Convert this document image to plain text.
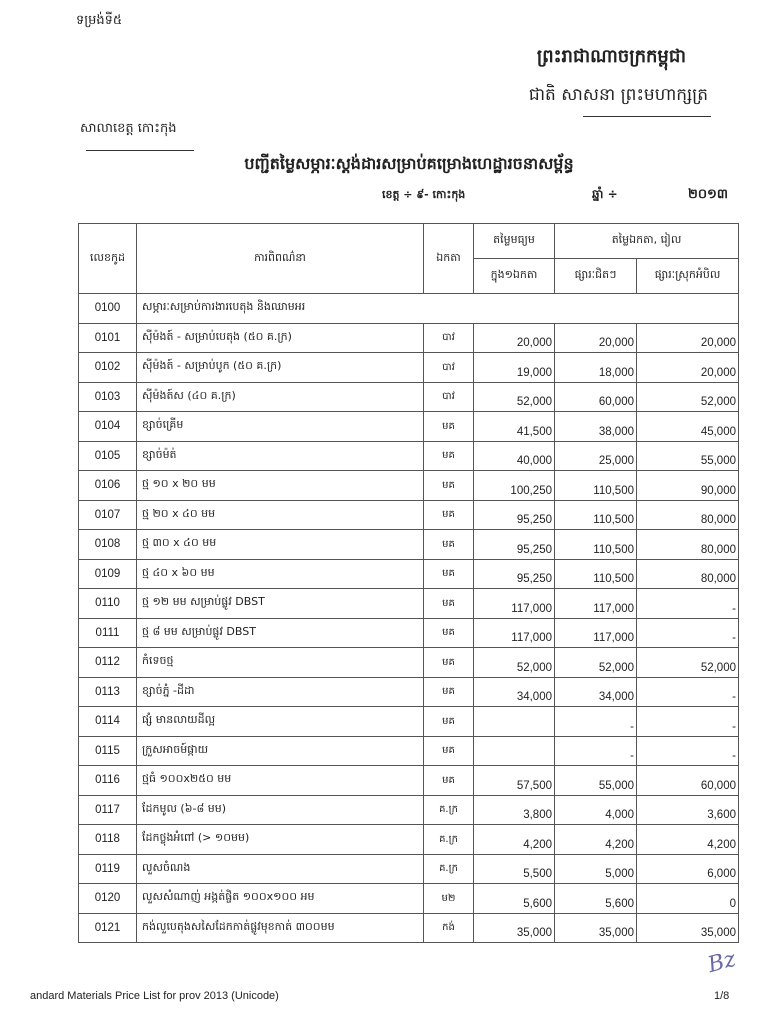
ទម្រង់ទី៥
ព្រះរាជាណាចក្រកម្ពុជា
ជាតិ សាសនា ព្រះមហាក្សត្រ
សាលាខេត្ត កោះកុង
បញ្ជីតម្លៃសម្ភារៈស្តង់ដារសម្រាប់គម្រោងហេដ្ឋារចនាសម្ព័ន្ធ
ខេត្ត ÷ ៩- កោះកុង	ឆ្នាំ ÷	២០១៣
លេខកូដ	ការពិពណ៌នា	ឯកតា	តម្លៃមធ្យម	តម្លៃឯកតា, រៀល	
			ក្នុង១ឯកតា	ផ្សារៈជិតៗ	ផ្សារៈស្រុកអំបិល
0100	សម្ភារៈសម្រាប់ការងារបេតុង និងឈាមអរ				
0101	ស៊ីម៉ងត៍ - សម្រាប់បេតុង (៥០ គ.ក្រ)	បាវ	20,000	20,000	20,000
0102	ស៊ីម៉ងត៍ - សម្រាប់បូក (៥០ គ.ក្រ)	បាវ	19,000	18,000	20,000
0103	ស៊ីម៉ងត៍ស (៤០ គ.ក្រ)	បាវ	52,000	60,000	52,000
0104	ខ្សាច់គ្រើម	មគ	41,500	38,000	45,000
0105	ខ្សាច់ម៉ត់	មគ	40,000	25,000	55,000
0106	ថ្ម ១០ x ២០ មម	មគ	100,250	110,500	90,000
0107	ថ្ម ២០ x ៤០ មម	មគ	95,250	110,500	80,000
0108	ថ្ម ៣០ x ៤០ មម	មគ	95,250	110,500	80,000
0109	ថ្ម ៤០ x ៦០ មម	មគ	95,250	110,500	80,000
0110	ថ្ម ១២ មម សម្រាប់ផ្លូវ DBST	មគ	117,000	117,000	-
0111	ថ្ម ៨ មម សម្រាប់ផ្លូវ DBST	មគ	117,000	117,000	-
0112	កំទេចថ្ម	មគ	52,000	52,000	52,000
0113	ខ្សាច់ភ្នំ -ដីដា	មគ	34,000	34,000	-
0114	ផ្សំ មានលាយដីល្អ	មគ		-	-
0115	ក្រួសអាចម៍ផ្កាយ	មគ		-	-
0116	ថ្មធំ ១០០x២៥០ មម	មគ	57,500	55,000	60,000
0117	ដែកមូល (៦-៨ មម)	គ.ក្រ	3,800	4,000	3,600
0118	ដែកថ្លុងអំពៅ (> ១០មម)	គ.ក្រ	4,200	4,200	4,200
0119	លួសចំណង	គ.ក្រ	5,500	5,000	6,000
0120	លួសសំណាញ់ អង្កត់ផ្ចិត ១០០x១០០ អម	ម២	5,600	5,600	0
0121	កង់លួបេតុងសសៃដែកកាត់ផ្លូវមុខកាត់ ៣០០មម	កង់	35,000	35,000	35,000
Bz
andard Materials Price List for prov 2013 (Unicode)	1/8
